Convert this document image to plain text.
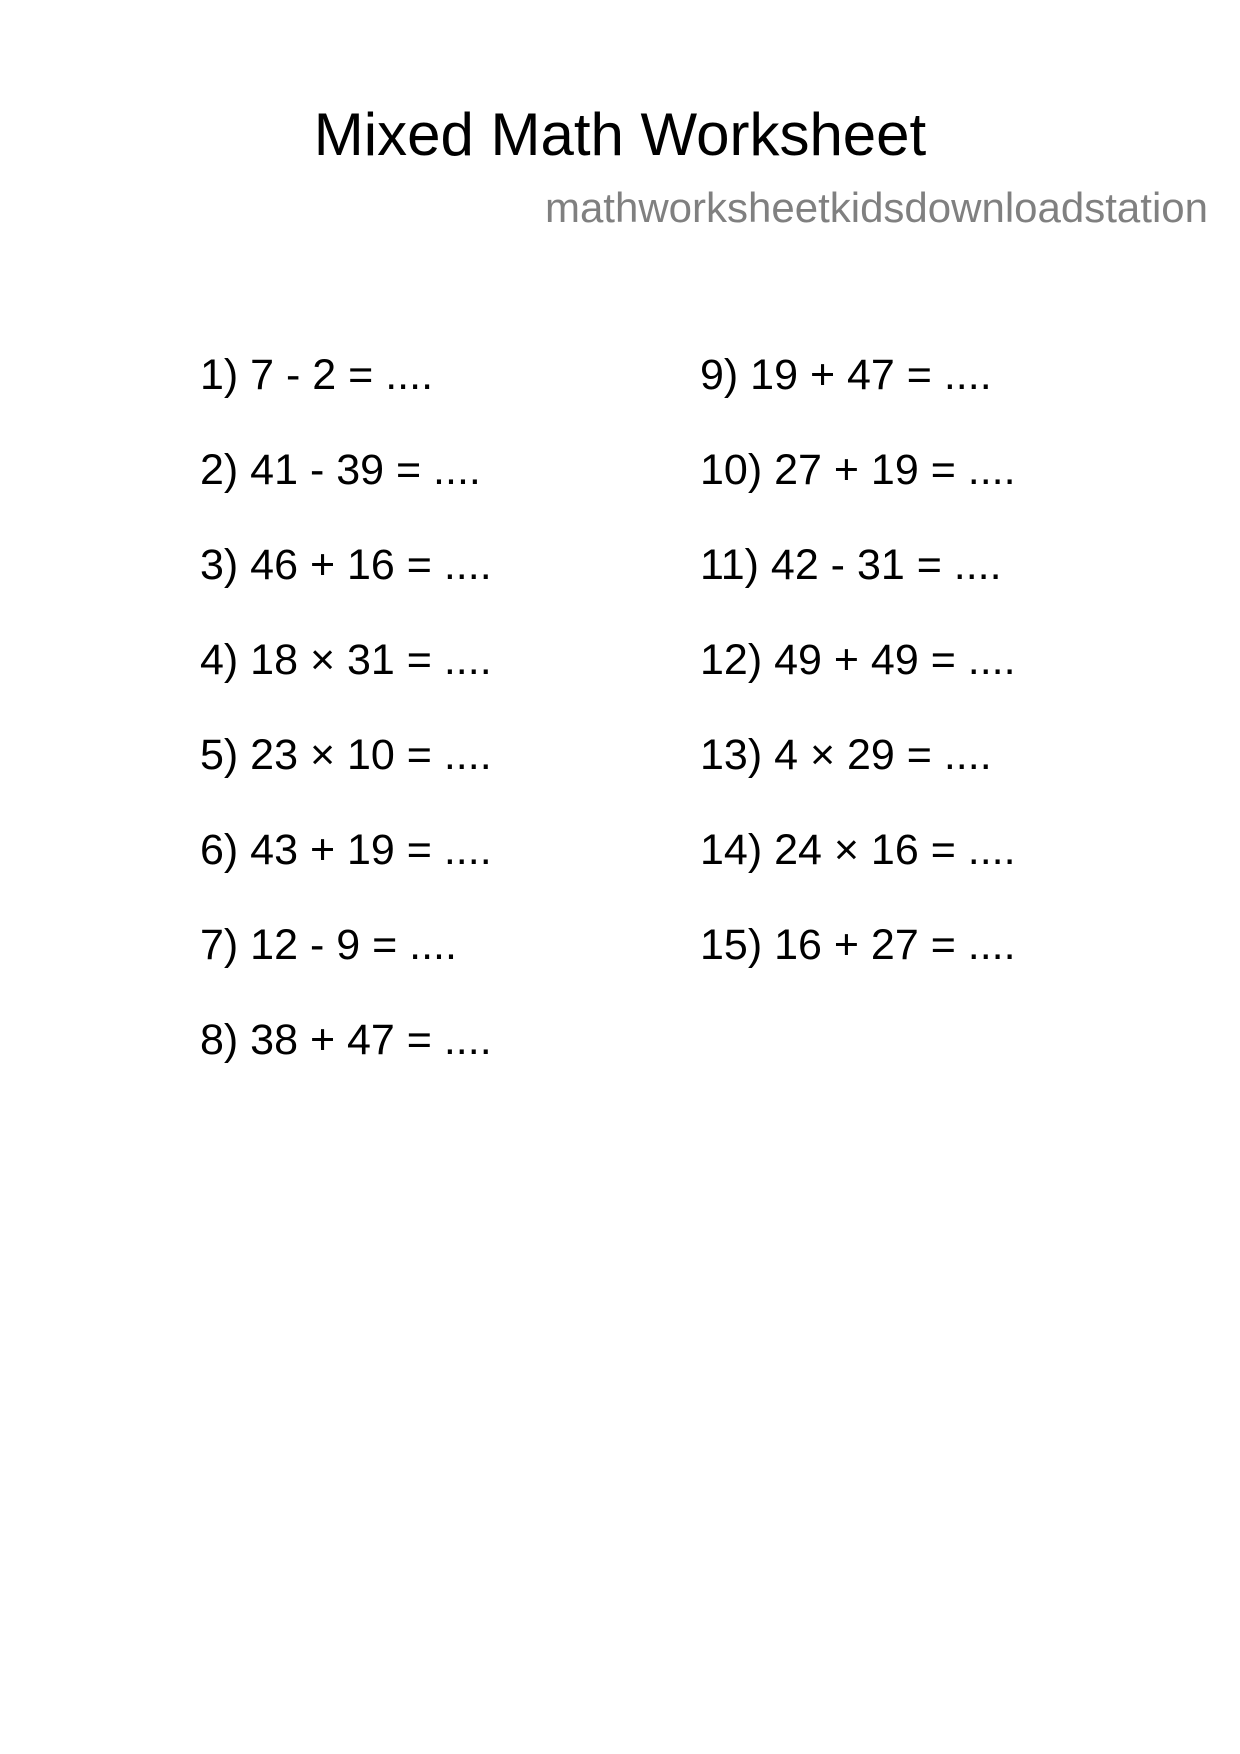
Mixed Math Worksheet
mathworksheetkidsdownloadstation
1) 7 - 2 = ....
2) 41 - 39 = ....
3) 46 + 16 = ....
4) 18 × 31 = ....
5) 23 × 10 = ....
6) 43 + 19 = ....
7) 12 - 9 = ....
8) 38 + 47 = ....
9) 19 + 47 = ....
10) 27 + 19 = ....
11) 42 - 31 = ....
12) 49 + 49 = ....
13) 4 × 29 = ....
14) 24 × 16 = ....
15) 16 + 27 = ....
